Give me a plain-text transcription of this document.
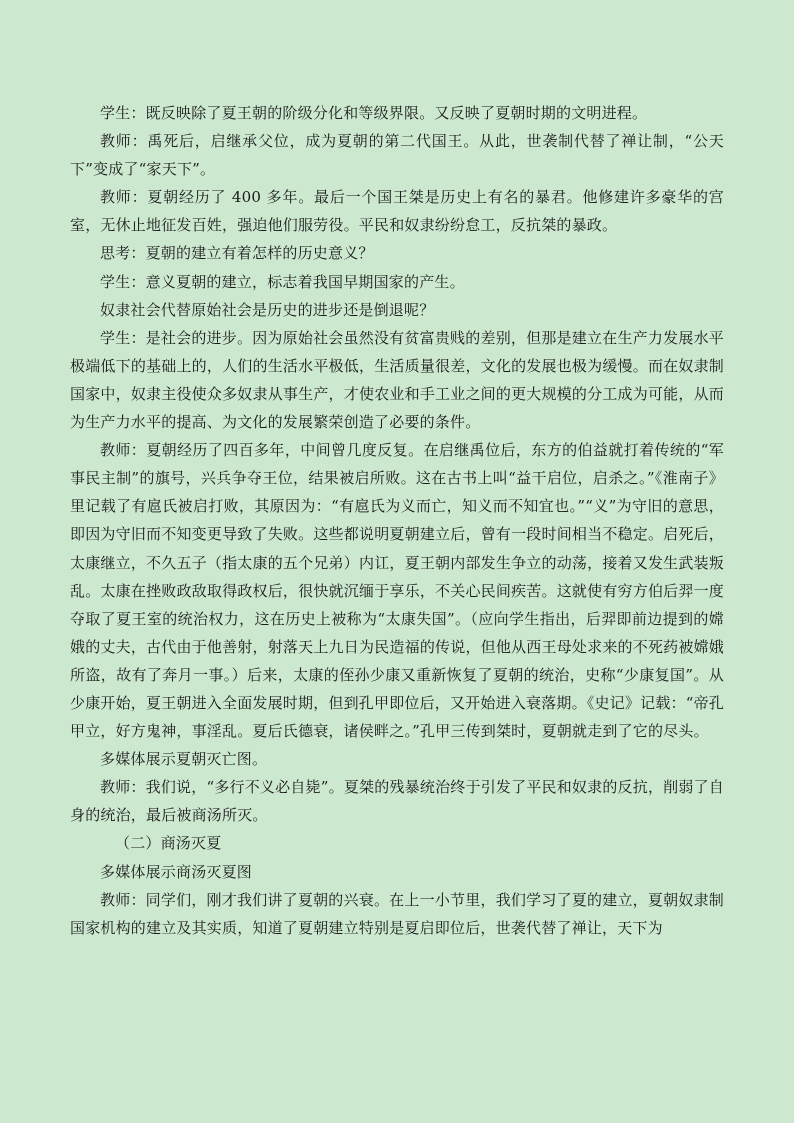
学生：既反映除了夏王朝的阶级分化和等级界限。又反映了夏朝时期的文明进程。

教师：禹死后，启继承父位，成为夏朝的第二代国王。从此，世袭制代替了禅让制，“公天下”变成了“家天下”。

教师：夏朝经历了 400 多年。最后一个国王桀是历史上有名的暴君。他修建许多豪华的宫室，无休止地征发百姓，强迫他们服劳役。平民和奴隶纷纷怠工，反抗桀的暴政。

思考：夏朝的建立有着怎样的历史意义？

学生：意义夏朝的建立，标志着我国早期国家的产生。

奴隶社会代替原始社会是历史的进步还是倒退呢？

学生：是社会的进步。因为原始社会虽然没有贫富贵贱的差别，但那是建立在生产力发展水平极端低下的基础上的，人们的生活水平极低，生活质量很差，文化的发展也极为缓慢。而在奴隶制国家中，奴隶主役使众多奴隶从事生产，才使农业和手工业之间的更大规模的分工成为可能，从而为生产力水平的提高、为文化的发展繁荣创造了必要的条件。

教师：夏朝经历了四百多年，中间曾几度反复。在启继禹位后，东方的伯益就打着传统的“军事民主制”的旗号，兴兵争夺王位，结果被启所败。这在古书上叫“益干启位，启杀之。”《淮南子》里记载了有扈氏被启打败，其原因为：“有扈氏为义而亡，知义而不知宜也。”“义”为守旧的意思，即因为守旧而不知变更导致了失败。这些都说明夏朝建立后，曾有一段时间相当不稳定。启死后，太康继立，不久五子（指太康的五个兄弟）内讧，夏王朝内部发生争立的动荡，接着又发生武装叛乱。太康在挫败政敌取得政权后，很快就沉缅于享乐，不关心民间疾苦。这就使有穷方伯后羿一度夺取了夏王室的统治权力，这在历史上被称为“太康失国”。（应向学生指出，后羿即前边提到的嫦娥的丈夫，古代由于他善射，射落天上九日为民造福的传说，但他从西王母处求来的不死药被嫦娥所盗，故有了奔月一事。）后来，太康的侄孙少康又重新恢复了夏朝的统治，史称“少康复国”。从少康开始，夏王朝进入全面发展时期，但到孔甲即位后，又开始进入衰落期。《史记》记载：“帝孔甲立，好方鬼神，事淫乱。夏后氏德衰，诸侯畔之。”孔甲三传到桀时，夏朝就走到了它的尽头。

多媒体展示夏朝灭亡图。

教师：我们说，“多行不义必自毙”。夏桀的残暴统治终于引发了平民和奴隶的反抗，削弱了自身的统治，最后被商汤所灭。

（二）商汤灭夏

多媒体展示商汤灭夏图

教师：同学们，刚才我们讲了夏朝的兴衰。在上一小节里，我们学习了夏的建立，夏朝奴隶制国家机构的建立及其实质，知道了夏朝建立特别是夏启即位后，世袭代替了禅让，天下为
